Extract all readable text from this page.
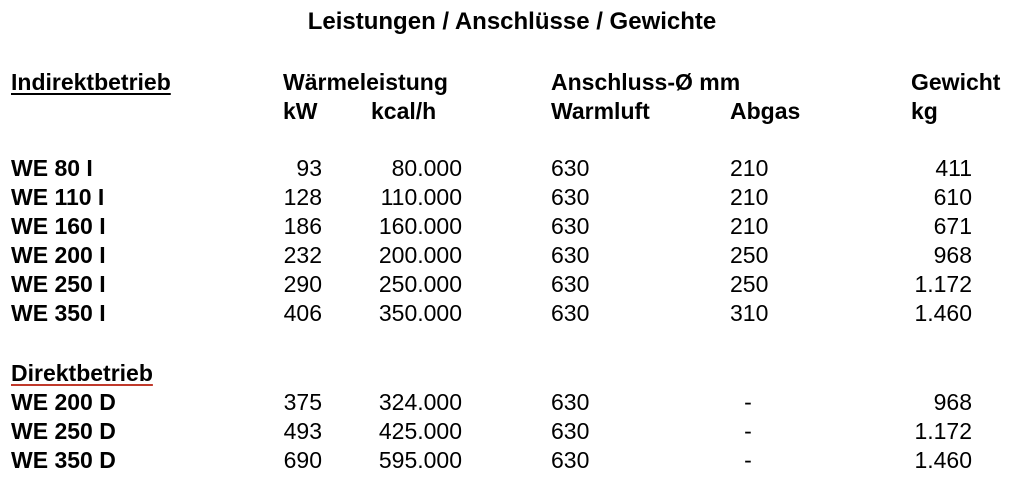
Leistungen / Anschlüsse / Gewichte
Indirektbetrieb	Wärmeleistung	Anschluss-Ø mm	Gewicht
kW kcal/h	Warmluft	Abgas	kg
WE 80 I	93	80.000	630	210	411
WE 110 I	128	110.000	630	210	610
WE 160 I	186 160.000	630	210	671
WE 200 I	232 200.000	630	250	968
WE 250 I	290 250.000	630	250	1.172
WE 350 I	406 350.000	630	310	1.460
Direktbetrieb
WE 200 D	375 324.000	630	-	968
WE 250 D	493 425.000	630	-	1.172
WE 350 D	690 595.000	630	-	1.460
